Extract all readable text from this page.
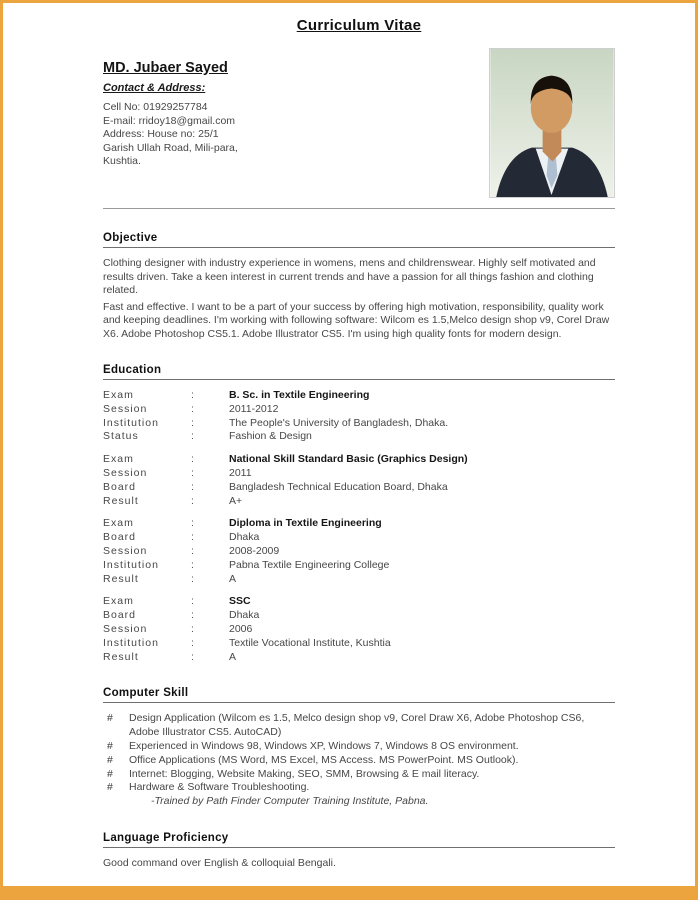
Curriculum Vitae
MD. Jubaer Sayed
Contact & Address:
Cell No: 01929257784
E-mail: rridoy18@gmail.com
Address: House no: 25/1
Garish Ullah Road, Mili-para,
Kushtia.
Objective

Clothing designer with industry experience in womens, mens and childrenswear. Highly self motivated and results driven. Take a keen interest in current trends and have a passion for all things fashion and clothing related.

Fast and effective. I want to be a part of your success by offering high motivation, responsibility, quality work and keeping deadlines. I'm working with following software: Wilcom es 1.5,Melco design shop v9, Corel Draw X6. Adobe Photoshop CS5.1. Adobe Illustrator CS5. I'm using high quality fonts for modern design.

Education
Exam	:	B. Sc. in Textile Engineering
Session	:	2011-2012
Institution	:	The People's University of Bangladesh, Dhaka.
Status	:	Fashion & Design
Exam	:	National Skill Standard Basic (Graphics Design)
Session	:	2011
Board	:	Bangladesh Technical Education Board, Dhaka
Result	:	A+
Exam	:	Diploma in Textile Engineering
Board	:	Dhaka
Session	:	2008-2009
Institution	:	Pabna Textile Engineering College
Result	:	A
Exam	:	SSC
Board	:	Dhaka
Session	:	2006
Institution	:	Textile Vocational Institute, Kushtia
Result	:	A
Computer Skill
#	Design Application (Wilcom es 1.5, Melco design shop v9, Corel Draw X6, Adobe Photoshop CS6, Adobe Illustrator CS5. AutoCAD)
#	Experienced in Windows 98, Windows XP, Windows 7, Windows 8 OS environment.
#	Office Applications (MS Word, MS Excel, MS Access. MS PowerPoint. MS Outlook).
#	Internet: Blogging, Website Making, SEO, SMM, Browsing & E mail literacy.
#	Hardware & Software Troubleshooting.
-Trained by Path Finder Computer Training Institute, Pabna.
Language Proficiency
Good command over English & colloquial Bengali.
